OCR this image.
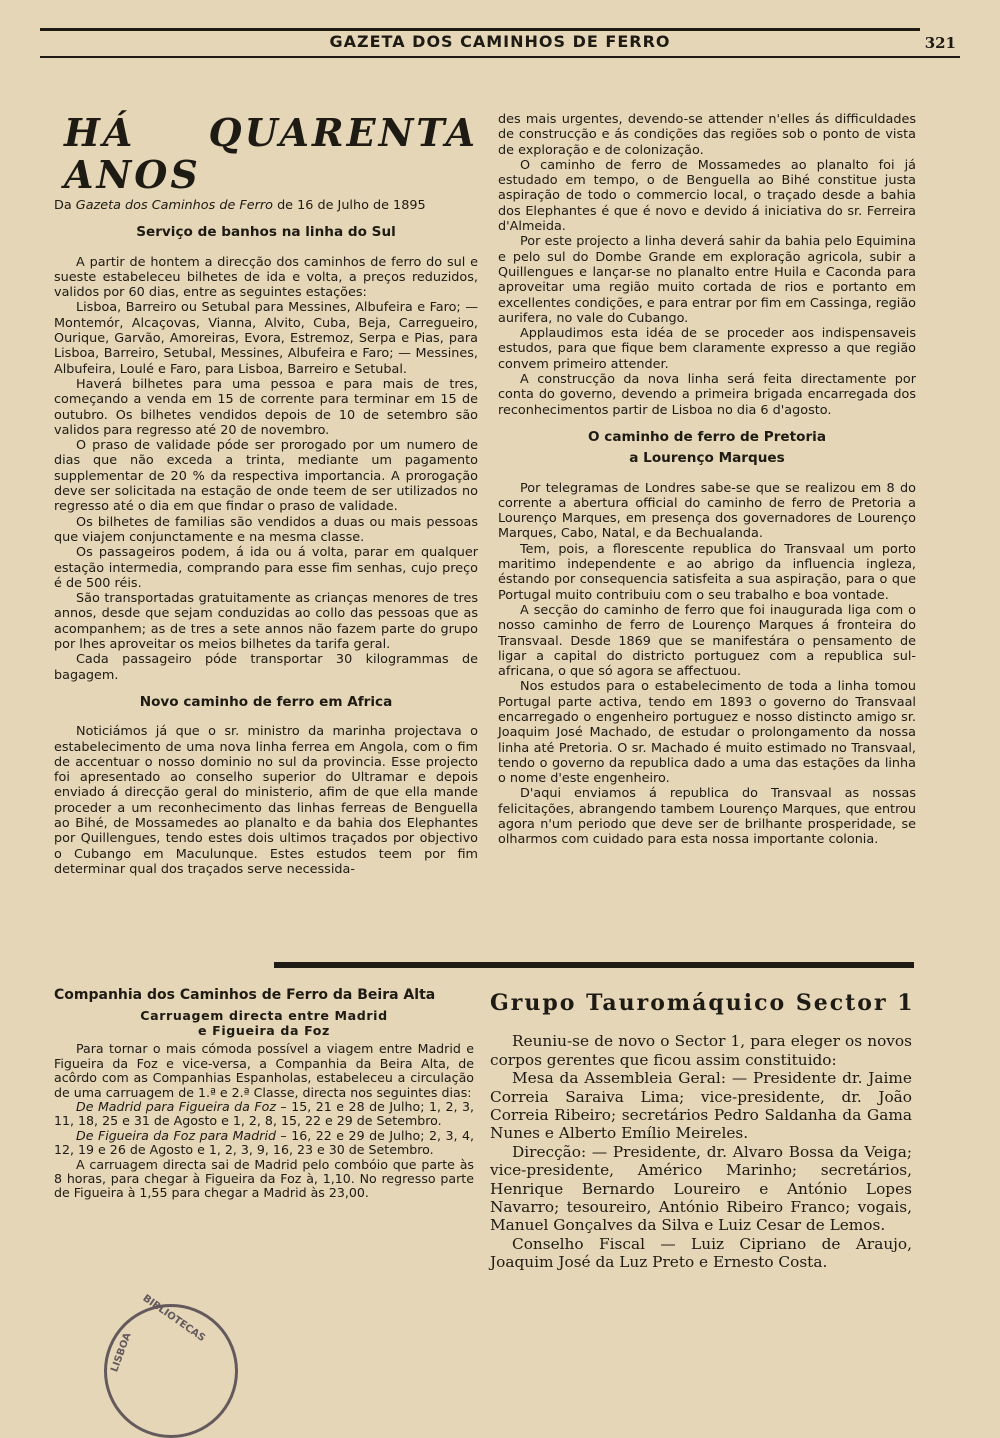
GAZETA DOS CAMINHOS DE FERRO	321
HÁ QUARENTA ANOS
Da Gazeta dos Caminhos de Ferro de 16 de Julho de 1895
Serviço de banhos na linha do Sul

A partir de hontem a direcção dos caminhos de ferro do sul e sueste estabeleceu bilhetes de ida e volta, a preços reduzidos, validos por 60 dias, entre as seguintes estações:

Lisboa, Barreiro ou Setubal para Messines, Albufeira e Faro; — Montemór, Alcaçovas, Vianna, Alvito, Cuba, Beja, Carregueiro, Ourique, Garvão, Amoreiras, Evora, Estremoz, Serpa e Pias, para Lisboa, Barreiro, Setubal, Messines, Albufeira e Faro; — Messines, Albufeira, Loulé e Faro, para Lisboa, Barreiro e Setubal.

Haverá bilhetes para uma pessoa e para mais de tres, começando a venda em 15 de corrente para terminar em 15 de outubro. Os bilhetes vendidos depois de 10 de setembro são validos para regresso até 20 de novembro.

O praso de validade póde ser prorogado por um numero de dias que não exceda a trinta, mediante um pagamento supplementar de 20 % da respectiva importancia. A prorogação deve ser solicitada na estação de onde teem de ser utilizados no regresso até o dia em que findar o praso de validade.

Os bilhetes de familias são vendidos a duas ou mais pessoas que viajem conjunctamente e na mesma classe.

Os passageiros podem, á ida ou á volta, parar em qualquer estação intermedia, comprando para esse fim senhas, cujo preço é de 500 réis.

São transportadas gratuitamente as crianças menores de tres annos, desde que sejam conduzidas ao collo das pessoas que as acompanhem; as de tres a sete annos não fazem parte do grupo por lhes aproveitar os meios bilhetes da tarifa geral.

Cada passageiro póde transportar 30 kilogrammas de bagagem.

Novo caminho de ferro em Africa

Noticiámos já que o sr. ministro da marinha projectava o estabelecimento de uma nova linha ferrea em Angola, com o fim de accentuar o nosso dominio no sul da provincia. Esse projecto foi apresentado ao conselho superior do Ultramar e depois enviado á direcção geral do ministerio, afim de que ella mande proceder a um reconhecimento das linhas ferreas de Benguella ao Bihé, de Mossamedes ao planalto e da bahia dos Elephantes por Quillengues, tendo estes dois ultimos traçados por objectivo o Cubango em Maculunque. Estes estudos teem por fim determinar qual dos traçados serve necessida-

des mais urgentes, devendo-se attender n'elles ás difficuldades de construcção e ás condições das regiões sob o ponto de vista de exploração e de colonização.

O caminho de ferro de Mossamedes ao planalto foi já estudado em tempo, o de Benguella ao Bihé constitue justa aspiração de todo o commercio local, o traçado desde a bahia dos Elephantes é que é novo e devido á iniciativa do sr. Ferreira d'Almeida.

Por este projecto a linha deverá sahir da bahia pelo Equimina e pelo sul do Dombe Grande em exploração agricola, subir a Quillengues e lançar-se no planalto entre Huila e Caconda para aproveitar uma região muito cortada de rios e portanto em excellentes condições, e para entrar por fim em Cassinga, região aurifera, no vale do Cubango.

Applaudimos esta idéa de se proceder aos indispensaveis estudos, para que fique bem claramente expresso a que região convem primeiro attender.

A construcção da nova linha será feita directamente por conta do governo, devendo a primeira brigada encarregada dos reconhecimentos partir de Lisboa no dia 6 d'agosto.

O caminho de ferro de Pretoria
a Lourenço Marques

Por telegramas de Londres sabe-se que se realizou em 8 do corrente a abertura official do caminho de ferro de Pretoria a Lourenço Marques, em presença dos governadores de Lourenço Marques, Cabo, Natal, e da Bechualanda.

Tem, pois, a florescente republica do Transvaal um porto maritimo independente e ao abrigo da influencia ingleza, éstando por consequencia satisfeita a sua aspiração, para o que Portugal muito contribuiu com o seu trabalho e boa vontade.

A secção do caminho de ferro que foi inaugurada liga com o nosso caminho de ferro de Lourenço Marques á fronteira do Transvaal. Desde 1869 que se manifestára o pensamento de ligar a capital do districto portuguez com a republica sul-africana, o que só agora se affectuou.

Nos estudos para o estabelecimento de toda a linha tomou Portugal parte activa, tendo em 1893 o governo do Transvaal encarregado o engenheiro portuguez e nosso distincto amigo sr. Joaquim José Machado, de estudar o prolongamento da nossa linha até Pretoria. O sr. Machado é muito estimado no Transvaal, tendo o governo da republica dado a uma das estações da linha o nome d'este engenheiro.

D'aqui enviamos á republica do Transvaal as nossas felicitações, abrangendo tambem Lourenço Marques, que entrou agora n'um periodo que deve ser de brilhante prosperidade, se olharmos com cuidado para esta nossa importante colonia.

Companhia dos Caminhos de Ferro da Beira Alta
Carruagem directa entre Madrid
e Figueira da Foz

Para tornar o mais cómoda possível a viagem entre Madrid e Figueira da Foz e vice-versa, a Companhia da Beira Alta, de acôrdo com as Companhias Espanholas, estabeleceu a circulação de uma carruagem de 1.ª e 2.ª Classe, directa nos seguintes dias:

De Madrid para Figueira da Foz – 15, 21 e 28 de Julho; 1, 2, 3, 11, 18, 25 e 31 de Agosto e 1, 2, 8, 15, 22 e 29 de Setembro.

De Figueira da Foz para Madrid – 16, 22 e 29 de Julho; 2, 3, 4, 12, 19 e 26 de Agosto e 1, 2, 3, 9, 16, 23 e 30 de Setembro.

A carruagem directa sai de Madrid pelo combóio que parte às 8 horas, para chegar à Figueira da Foz à, 1,10. No regresso parte de Figueira à 1,55 para chegar a Madrid às 23,00.

Grupo Tauromáquico Sector 1

Reuniu-se de novo o Sector 1, para eleger os novos corpos gerentes que ficou assim constituido:

Mesa da Assembleia Geral: — Presidente dr. Jaime Correia Saraiva Lima; vice-presidente, dr. João Correia Ribeiro; secretários Pedro Saldanha da Gama Nunes e Alberto Emílio Meireles.

Direcção: — Presidente, dr. Alvaro Bossa da Veiga; vice-presidente, Américo Marinho; secretários, Henrique Bernardo Loureiro e António Lopes Navarro; tesoureiro, António Ribeiro Franco; vogais, Manuel Gonçalves da Silva e Luiz Cesar de Lemos.

Conselho Fiscal — Luiz Cipriano de Araujo, Joaquim José da Luz Preto e Ernesto Costa.

BIBLIOTECAS
LISBOA
